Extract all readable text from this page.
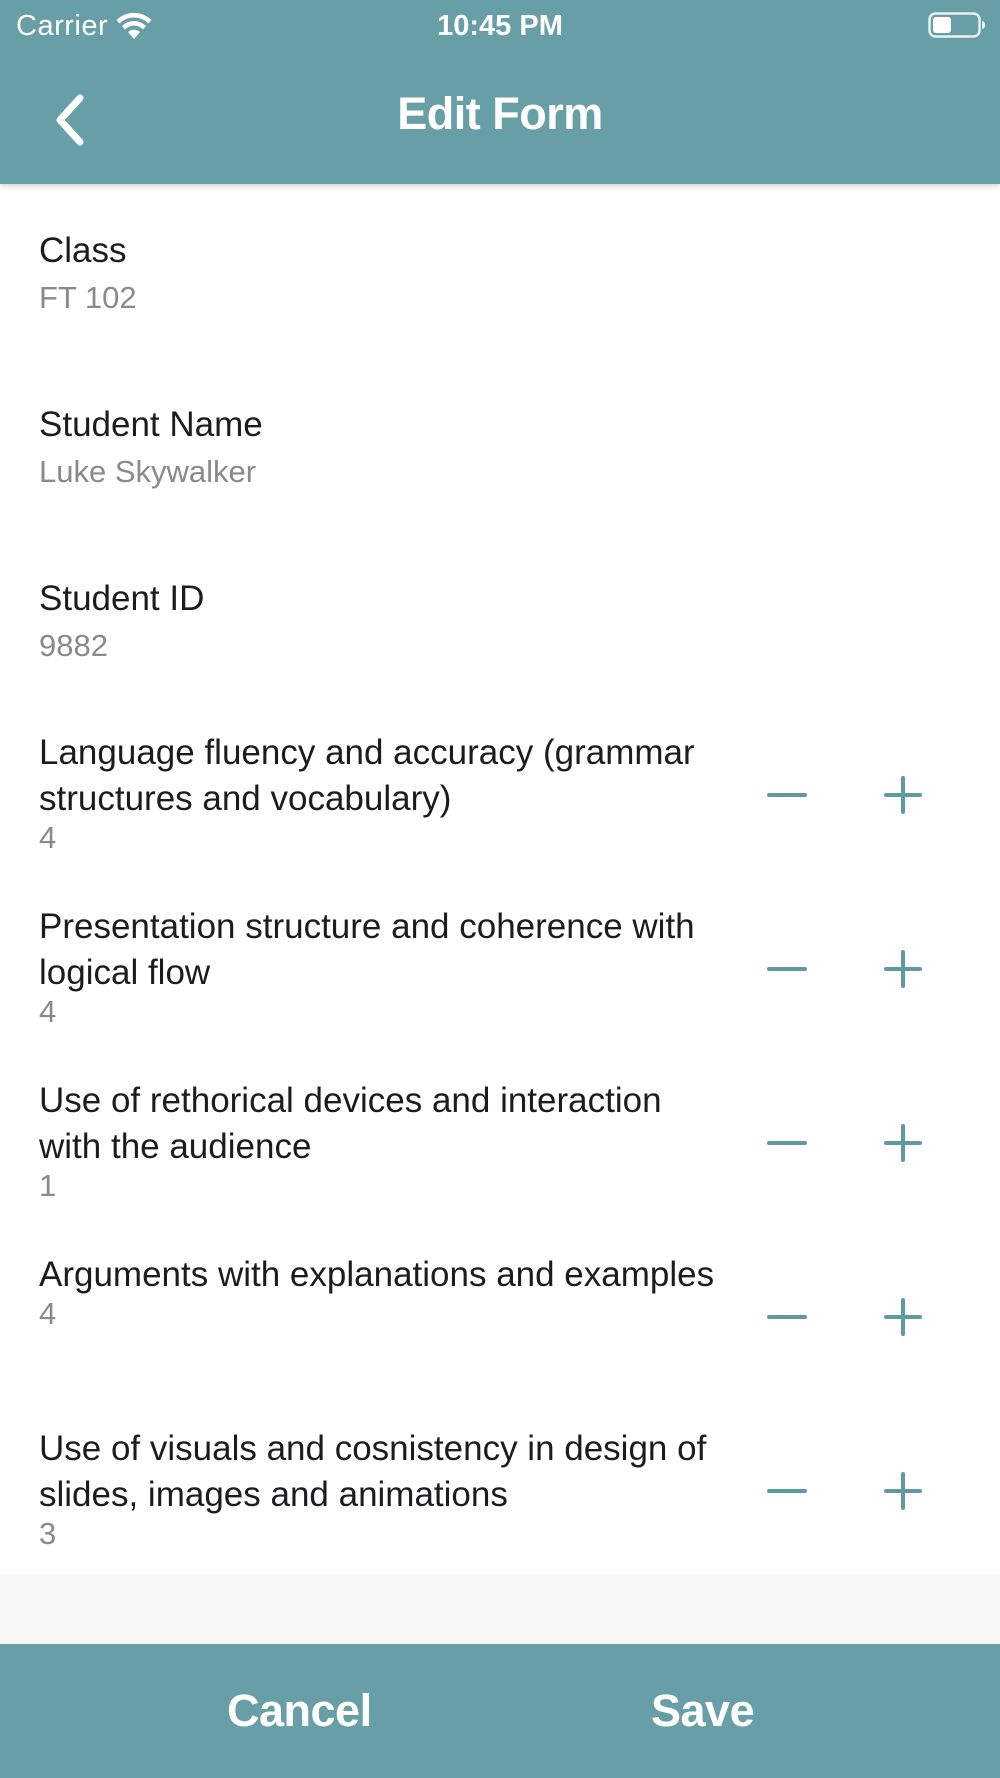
Carrier	10:45 PM
Edit Form
Class
FT 102
Student Name
Luke Skywalker
Student ID
9882
Language fluency and accuracy (grammar structures and vocabulary)
4
Presentation structure and coherence with logical flow
4
Use of rethorical devices and interaction with the audience
1
Arguments with explanations and examples
4
Use of visuals and cosnistency in design of slides, images and animations
3
Cancel	Save
